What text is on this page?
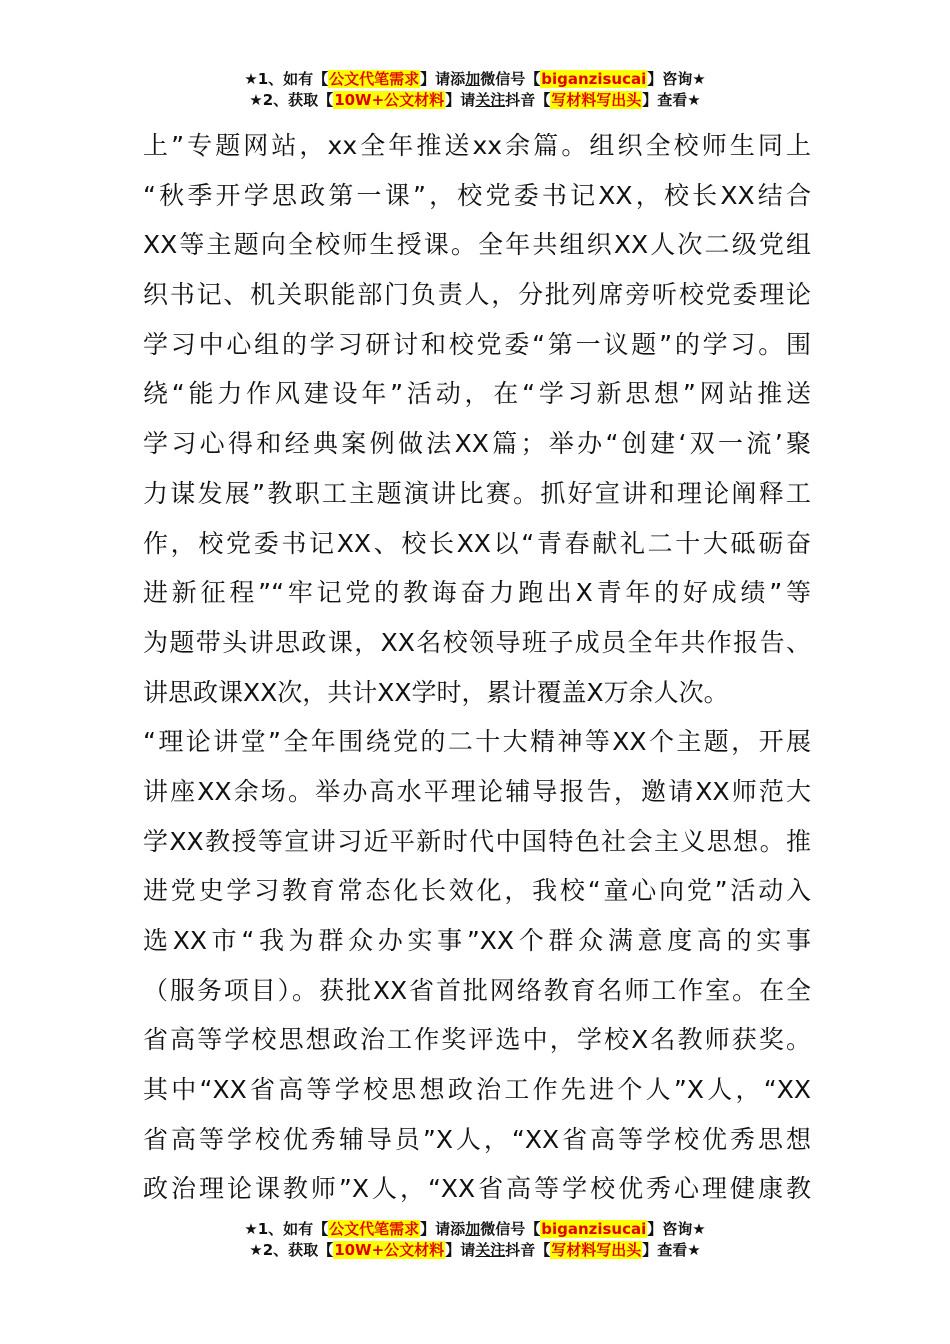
★1、如有【公文代笔需求】请添加微信号【biganzisucai】咨询★
★2、获取【10W+公文材料】请关注抖音【写材料写出头】查看★
上”专题网站，xx全年推送xx余篇。组织全校师生同上
“秋季开学思政第一课”，校党委书记XX，校长XX结合
XX等主题向全校师生授课。全年共组织XX人次二级党组
织书记、机关职能部门负责人，分批列席旁听校党委理论
学习中心组的学习研讨和校党委“第一议题”的学习。围
绕“能力作风建设年”活动，在“学习新思想”网站推送
学习心得和经典案例做法XX篇；举办“创建‘双一流’聚
力谋发展”教职工主题演讲比赛。抓好宣讲和理论阐释工
作，校党委书记XX、校长XX以“青春献礼二十大砥砺奋
进新征程”“牢记党的教诲奋力跑出X青年的好成绩”等
为题带头讲思政课，XX名校领导班子成员全年共作报告、
讲思政课XX次，共计XX学时，累计覆盖X万余人次。
“理论讲堂”全年围绕党的二十大精神等XX个主题，开展
讲座XX余场。举办高水平理论辅导报告，邀请XX师范大
学XX教授等宣讲习近平新时代中国特色社会主义思想。推
进党史学习教育常态化长效化，我校“童心向党”活动入
选XX市“我为群众办实事”XX个群众满意度高的实事
（服务项目）。获批XX省首批网络教育名师工作室。在全
省高等学校思想政治工作奖评选中，学校X名教师获奖。
其中“XX省高等学校思想政治工作先进个人”X人，“XX
省高等学校优秀辅导员”X人，“XX省高等学校优秀思想
政治理论课教师”X人，“XX省高等学校优秀心理健康教
★1、如有【公文代笔需求】请添加微信号【biganzisucai】咨询★
★2、获取【10W+公文材料】请关注抖音【写材料写出头】查看★
